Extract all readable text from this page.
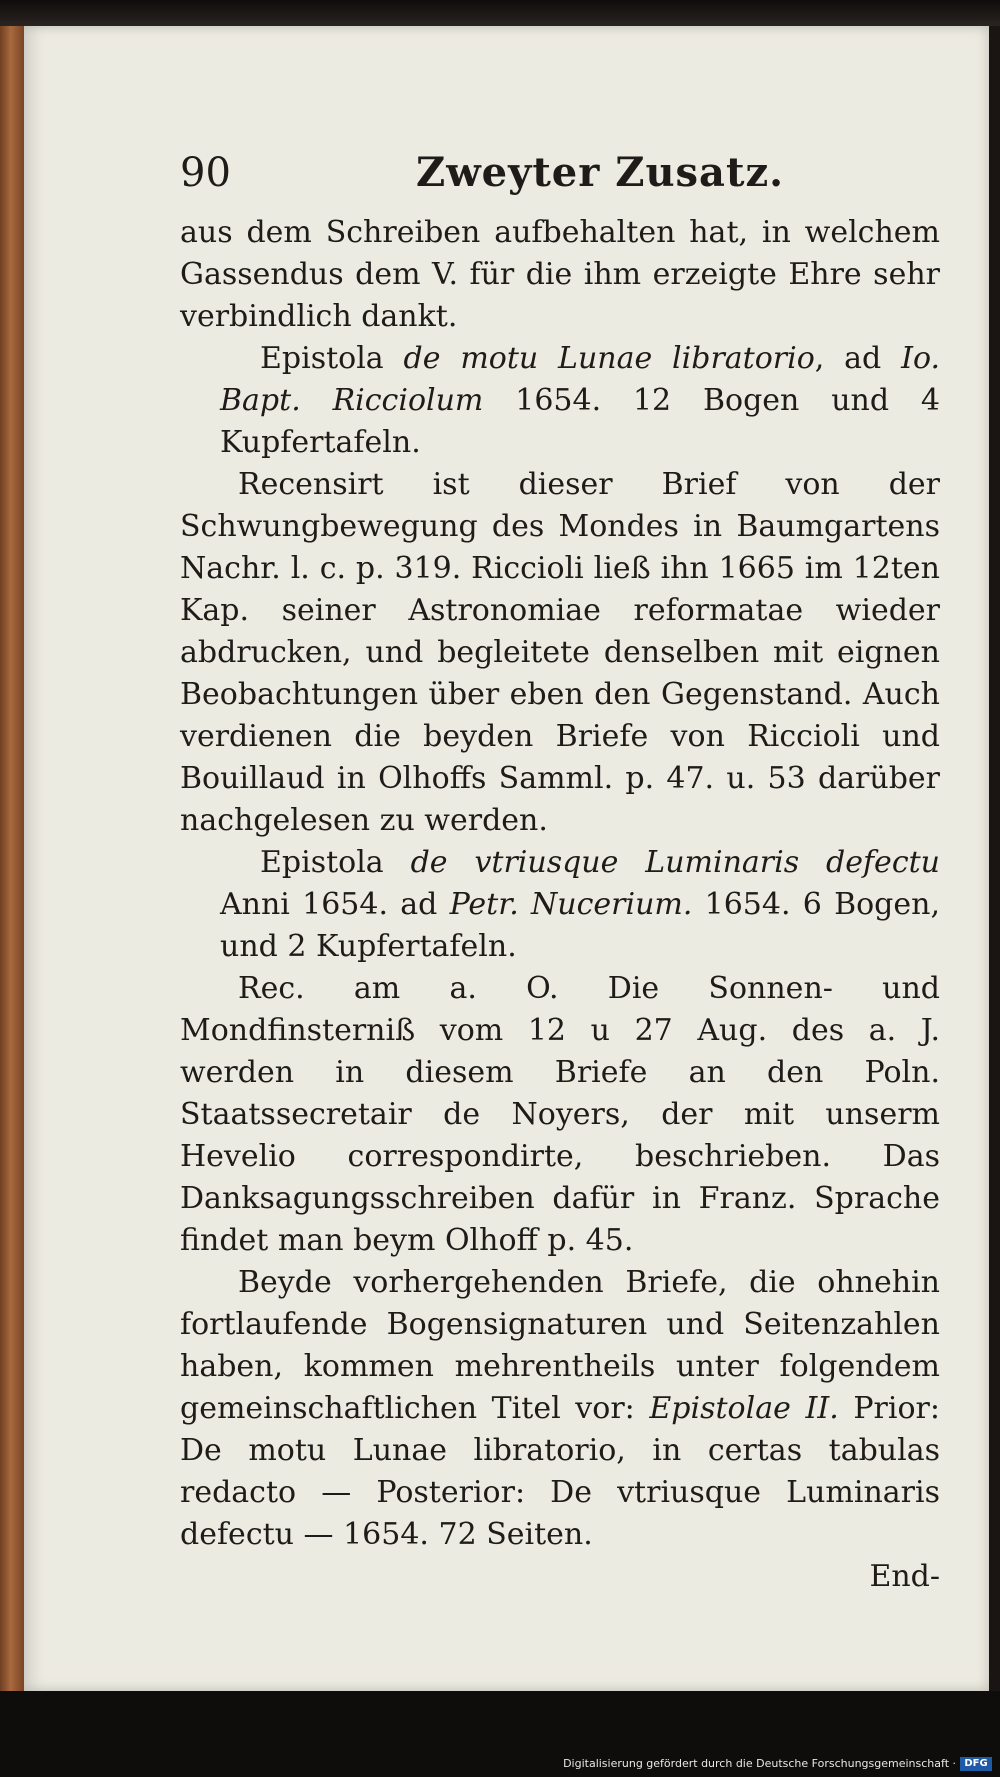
90	Zweyter Zusatz.

aus dem Schreiben aufbehalten hat, in welchem Gassendus dem V. für die ihm erzeigte Ehre sehr verbindlich dankt.

Epistola de motu Lunae libratorio, ad Io. Bapt. Ricciolum 1654. 12 Bogen und 4 Kupfertafeln.

Recensirt ist dieser Brief von der Schwungbewegung des Mondes in Baumgartens Nachr. l. c. p. 319. Riccioli ließ ihn 1665 im 12ten Kap. seiner Astronomiae reformatae wieder abdrucken, und begleitete denselben mit eignen Beobachtungen über eben den Gegenstand. Auch verdienen die beyden Briefe von Riccioli und Bouillaud in Olhoffs Samml. p. 47. u. 53 darüber nachgelesen zu werden.

Epistola de vtriusque Luminaris defectu Anni 1654. ad Petr. Nucerium. 1654. 6 Bogen, und 2 Kupfertafeln.

Rec. am a. O. Die Sonnen- und Mondfinsterniß vom 12 u 27 Aug. des a. J. werden in diesem Briefe an den Poln. Staatssecretair de Noyers, der mit unserm Hevelio correspondirte, beschrieben. Das Danksagungsschreiben dafür in Franz. Sprache findet man beym Olhoff p. 45.

Beyde vorhergehenden Briefe, die ohnehin fortlaufende Bogensignaturen und Seitenzahlen haben, kommen mehrentheils unter folgendem gemeinschaftlichen Titel vor: Epistolae II. Prior: De motu Lunae libratorio, in certas tabulas redacto — Posterior: De vtriusque Luminaris defectu — 1654. 72 Seiten.

End-

Digitalisierung gefördert durch die Deutsche Forschungsgemeinschaft · DFG
